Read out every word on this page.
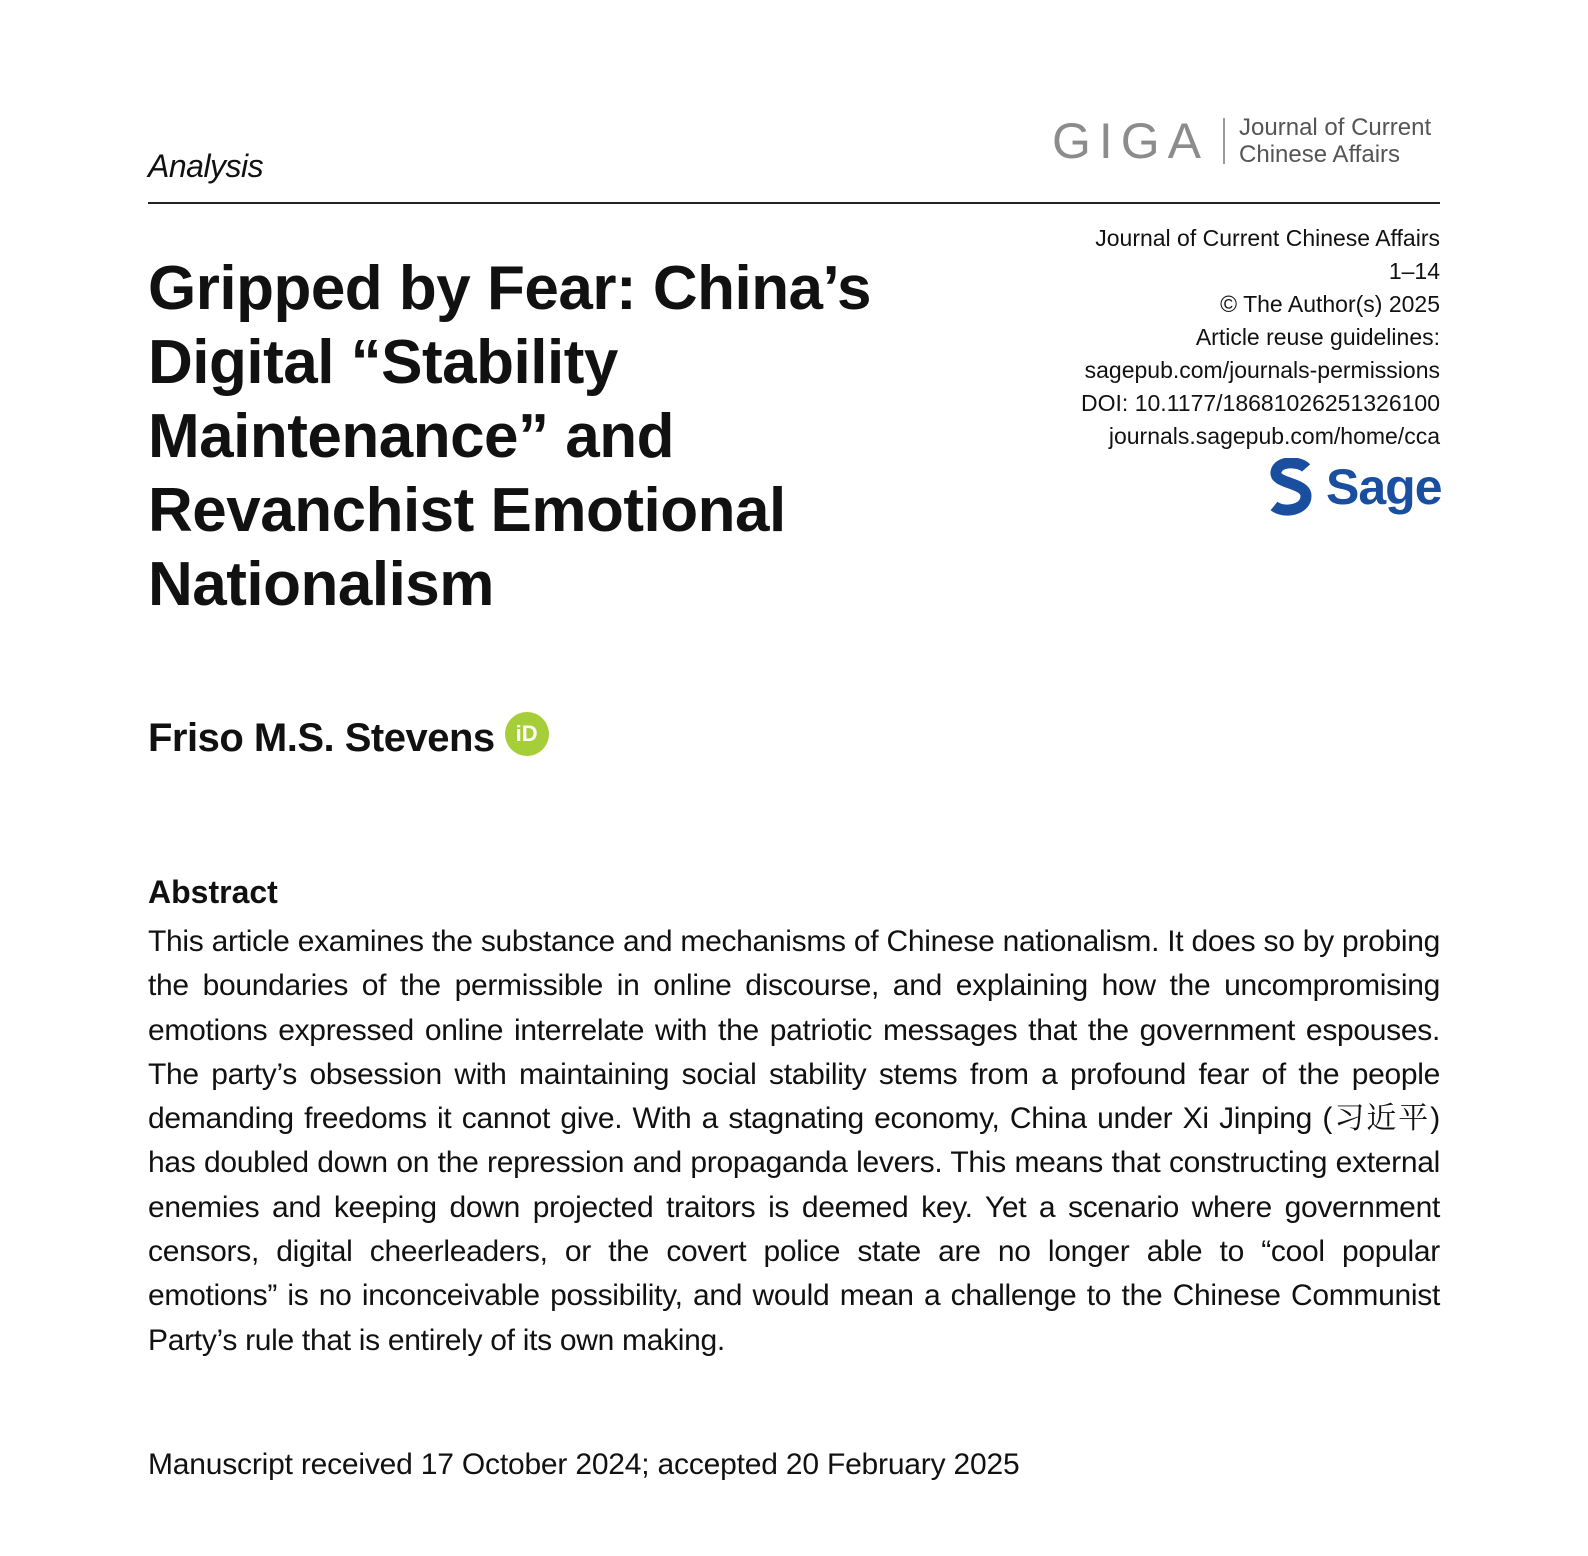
Analysis	GIGA Journal of Current
Chinese Affairs
Gripped by Fear: China’s Digital “Stability Maintenance” and Revanchist Emotional Nationalism
Journal of Current Chinese Affairs
1–14
© The Author(s) 2025
Article reuse guidelines:
sagepub.com/journals-permissions
DOI: 10.1177/18681026251326100
journals.sagepub.com/home/cca
Sage
Friso M.S. Stevens iD
Abstract

This article examines the substance and mechanisms of Chinese nationalism. It does so by probing the boundaries of the permissible in online discourse, and explaining how the uncompromising emotions expressed online interrelate with the patriotic messages that the government espouses. The party’s obsession with maintaining social stability stems from a profound fear of the people demanding freedoms it cannot give. With a stagnating economy, China under Xi Jinping (习近平) has doubled down on the repression and propaganda levers. This means that constructing external enemies and keeping down projected traitors is deemed key. Yet a scenario where government censors, digital cheerleaders, or the covert police state are no longer able to “cool popular emotions” is no inconceivable possibility, and would mean a challenge to the Chinese Communist Party’s rule that is entirely of its own making.

Manuscript received 17 October 2024; accepted 20 February 2025
